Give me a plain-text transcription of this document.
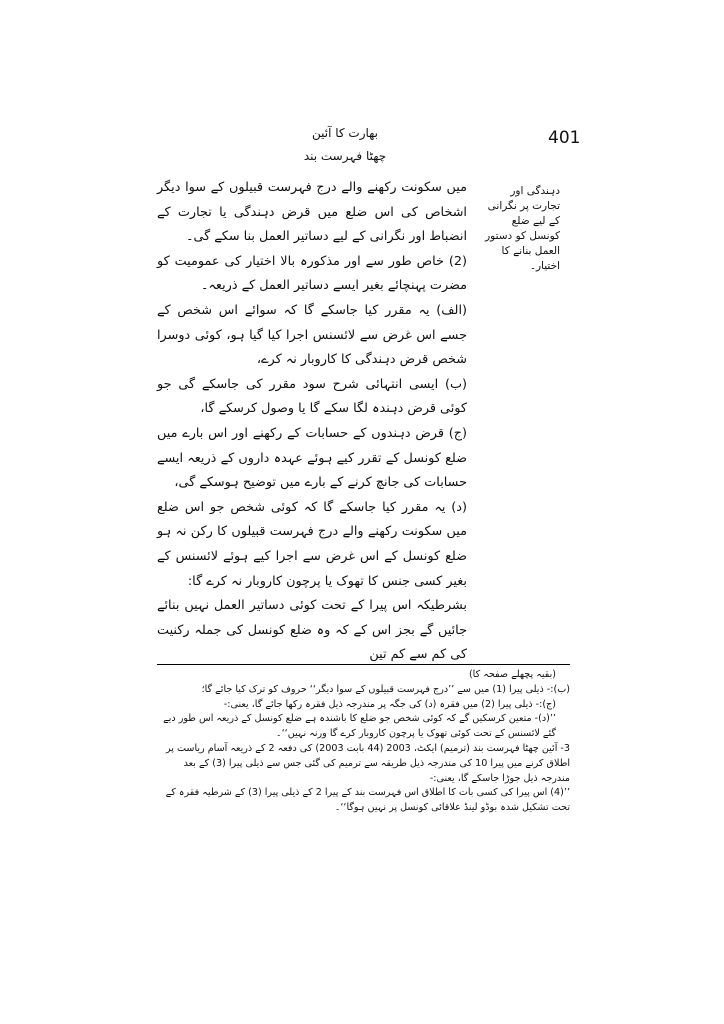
401
بھارت کا آئین
چھٹا فہرست بند
دہندگی اور تجارت پر نگرانی کے لیے ضلع کونسل کو دستور العمل بنانے کا اختیار۔

میں سکونت رکھنے والے درج فہرست قبیلوں کے سوا دیگر اشخاص کی اس ضلع میں قرض دہندگی یا تجارت کے انضباط اور نگرانی کے لیے دساتیر العمل بنا سکے گی۔

(2) خاص طور سے اور مذکورہ بالا اختیار کی عمومیت کو مضرت پہنچائے بغیر ایسے دساتیر العمل کے ذریعہ۔

(الف) یہ مقرر کیا جاسکے گا کہ سوائے اس شخص کے جسے اس غرض سے لائسنس اجرا کیا گیا ہو، کوئی دوسرا شخص قرض دہندگی کا کاروبار نہ کرے،

(ب) ایسی انتہائی شرح سود مقرر کی جاسکے گی جو کوئی قرض دہندہ لگا سکے گا یا وصول کرسکے گا،

(ج) قرض دہندوں کے حسابات کے رکھنے اور اس بارے میں ضلع کونسل کے تقرر کیے ہوئے عہدہ داروں کے ذریعہ ایسے حسابات کی جانچ کرنے کے بارے میں توضیح ہوسکے گی،

(د) یہ مقرر کیا جاسکے گا کہ کوئی شخص جو اس ضلع میں سکونت رکھنے والے درج فہرست قبیلوں کا رکن نہ ہو ضلع کونسل کے اس غرض سے اجرا کیے ہوئے لائسنس کے بغیر کسی جنس کا تھوک یا پرچون کاروبار نہ کرے گا:

بشرطیکہ اس پیرا کے تحت کوئی دساتیر العمل نہیں بنائے جائیں گے بجز اس کے کہ وہ ضلع کونسل کی جملہ رکنیت کی کم سے کم تین

(بقیہ پچھلے صفحہ کا)

(ب):- ذیلی پیرا (1) میں سے ’’درج فہرست قبیلوں کے سوا دیگر‘‘ حروف کو ترک کیا جائے گا؛

(ج):- ذیلی پیرا (2) میں فقرہ (د) کی جگہ پر مندرجہ ذیل فقرہ رکھا جائے گا، یعنی:-

’’(د)- متعین کرسکیں گے کہ کوئی شخص جو ضلع کا باشندہ ہے ضلع کونسل کے ذریعہ اس طور دیے گئے لائسنس کے تحت کوئی تھوک یا پرچون کاروبار کرے گا ورنہ نہیں‘‘۔

3- آئین چھٹا فہرست بند (ترمیم) ایکٹ، 2003 (44 بابت 2003) کی دفعہ 2 کے ذریعہ آسام ریاست پر اطلاق کرنے میں پیرا 10 کی مندرجہ ذیل طریقہ سے ترمیم کی گئی جس سے ذیلی پیرا (3) کے بعد مندرجہ ذیل جوڑا جاسکے گا، یعنی:-

’’(4) اس پیرا کی کسی بات کا اطلاق اس فہرست بند کے پیرا 2 کے ذیلی پیرا (3) کے شرطیہ فقرہ کے تحت تشکیل شدہ بوڈو لینڈ علاقائی کونسل پر نہیں ہوگا‘‘۔
